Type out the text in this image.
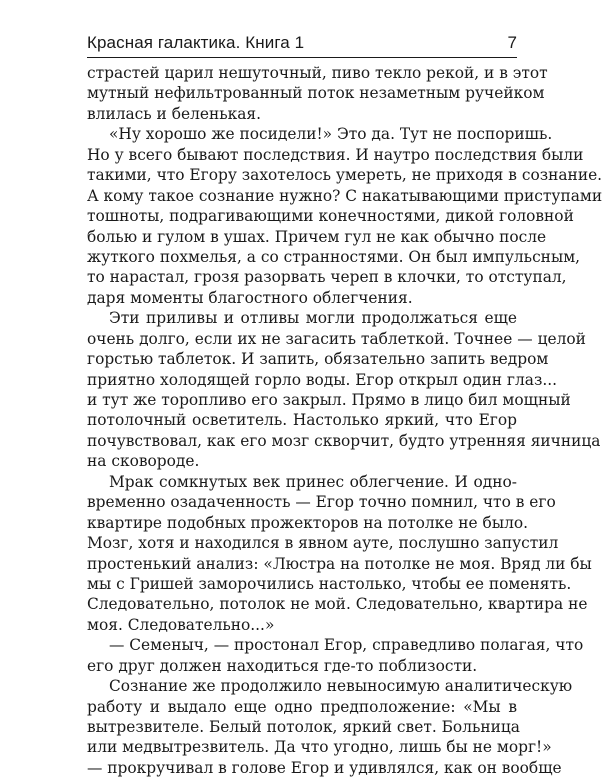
Красная галактика. Книга 1	7
страстей царил нешуточный, пиво текло рекой, и в этот
мутный нефильтрованный поток незаметным ручейком
влилась и беленькая.
«Ну хорошо же посидели!» Это да. Тут не поспоришь.
Но у всего бывают последствия. И наутро последствия были
такими, что Егору захотелось умереть, не приходя в сознание.
А кому такое сознание нужно? С накатывающими приступами
тошноты, подрагивающими конечностями, дикой головной
болью и гулом в ушах. Причем гул не как обычно после
жуткого похмелья, а со странностями. Он был импульсным,
то нарастал, грозя разорвать череп в клочки, то отступал,
даря моменты благостного облегчения.
Эти приливы и отливы могли продолжаться еще
очень долго, если их не загасить таблеткой. Точнее — целой
горстью таблеток. И запить, обязательно запить ведром
приятно холодящей горло воды. Егор открыл один глаз...
и тут же торопливо его закрыл. Прямо в лицо бил мощный
потолочный осветитель. Настолько яркий, что Егор
почувствовал, как его мозг скворчит, будто утренняя яичница
на сковороде.
Мрак сомкнутых век принес облегчение. И одно-
временно озадаченность — Егор точно помнил, что в его
квартире подобных прожекторов на потолке не было.
Мозг, хотя и находился в явном ауте, послушно запустил
простенький анализ: «Люстра на потолке не моя. Вряд ли бы
мы с Гришей заморочились настолько, чтобы ее поменять.
Следовательно, потолок не мой. Следовательно, квартира не
моя. Следовательно...»
— Семеныч, — простонал Егор, справедливо полагая, что
его друг должен находиться где-то поблизости.
Сознание же продолжило невыносимую аналитическую
работу и выдало еще одно предположение: «Мы в
вытрезвителе. Белый потолок, яркий свет. Больница
или медвытрезвитель. Да что угодно, лишь бы не морг!»
— прокручивал в голове Егор и удивлялся, как он вообще
